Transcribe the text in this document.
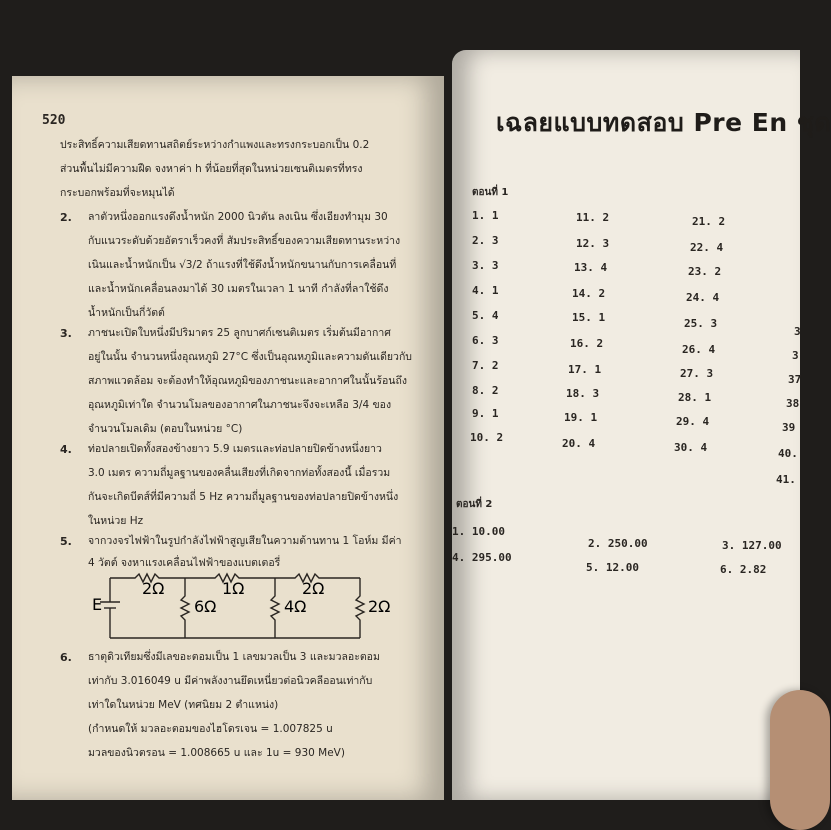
520
ประสิทธิ์ความเสียดทานสถิตย์ระหว่างกำแพงและทรงกระบอกเป็น 0.2
ส่วนพื้นไม่มีความฝืด จงหาค่า h ที่น้อยที่สุดในหน่วยเซนติเมตรที่ทรง
กระบอกพร้อมที่จะหมุนได้
2. ลาตัวหนึ่งออกแรงดึงน้ำหนัก 2000 นิวตัน ลงเนิน ซึ่งเอียงทำมุม 30
กับแนวระดับด้วยอัตราเร็วคงที่ สัมประสิทธิ์ของความเสียดทานระหว่าง
เนินและน้ำหนักเป็น √3/2 ถ้าแรงที่ใช้ดึงน้ำหนักขนานกับการเคลื่อนที่
และน้ำหนักเคลื่อนลงมาได้ 30 เมตรในเวลา 1 นาที กำลังที่ลาใช้ดึง
น้ำหนักเป็นกี่วัตต์
3. ภาชนะเปิดใบหนึ่งมีปริมาตร 25 ลูกบาศก์เซนติเมตร เริ่มต้นมีอากาศ
อยู่ในนั้น จำนวนหนึ่งอุณหภูมิ 27°C ซึ่งเป็นอุณหภูมิและความดันเดียวกับ
สภาพแวดล้อม จะต้องทำให้อุณหภูมิของภาชนะและอากาศในนั้นร้อนถึง
อุณหภูมิเท่าใด จำนวนโมลของอากาศในภาชนะจึงจะเหลือ 3/4 ของ
จำนวนโมลเดิม (ตอบในหน่วย °C)
4. ท่อปลายเปิดทั้งสองข้างยาว 5.9 เมตรและท่อปลายปิดข้างหนึ่งยาว
3.0 เมตร ความถี่มูลฐานของคลื่นเสียงที่เกิดจากท่อทั้งสองนี้ เมื่อรวม
กันจะเกิดบีตส์ที่มีความถี่ 5 Hz ความถี่มูลฐานของท่อปลายปิดข้างหนึ่ง
ในหน่วย Hz
5. จากวงจรไฟฟ้าในรูปกำลังไฟฟ้าสูญเสียในความต้านทาน 1 โอห์ม มีค่า
4 วัตต์ จงหาแรงเคลื่อนไฟฟ้าของแบตเตอรี่
E
2Ω	1Ω	2Ω
6Ω	4Ω	2Ω
6. ธาตุดิวเทียมซึ่งมีเลขอะตอมเป็น 1 เลขมวลเป็น 3 และมวลอะตอม
เท่ากับ 3.016049 u มีค่าพลังงานยึดเหนี่ยวต่อนิวคลีออนเท่ากับ
เท่าใดในหน่วย MeV (ทศนิยม 2 ตำแหน่ง)
(กำหนดให้ มวลอะตอมของไฮโดรเจน = 1.007825 u
มวลของนิวตรอน = 1.008665 u และ 1u = 930 MeV)
เฉลยแบบทดสอบ Pre En ชุด
ตอนที่ 1
1. 1
2. 3
3. 3
4. 1
5. 4
6. 3
7. 2
8. 2
9. 1
10. 2
11. 2
12. 3
13. 4
14. 2
15. 1
16. 2
17. 1
18. 3
19. 1
20. 4
21. 2
22. 4
23. 2
24. 4
25. 3
26. 4
27. 3
28. 1
29. 4
30. 4
3
3
37
38
39
40.
41.
ตอนที่ 2
1. 10.00
4. 295.00
2. 250.00
5. 12.00
3. 127.00
6. 2.82
